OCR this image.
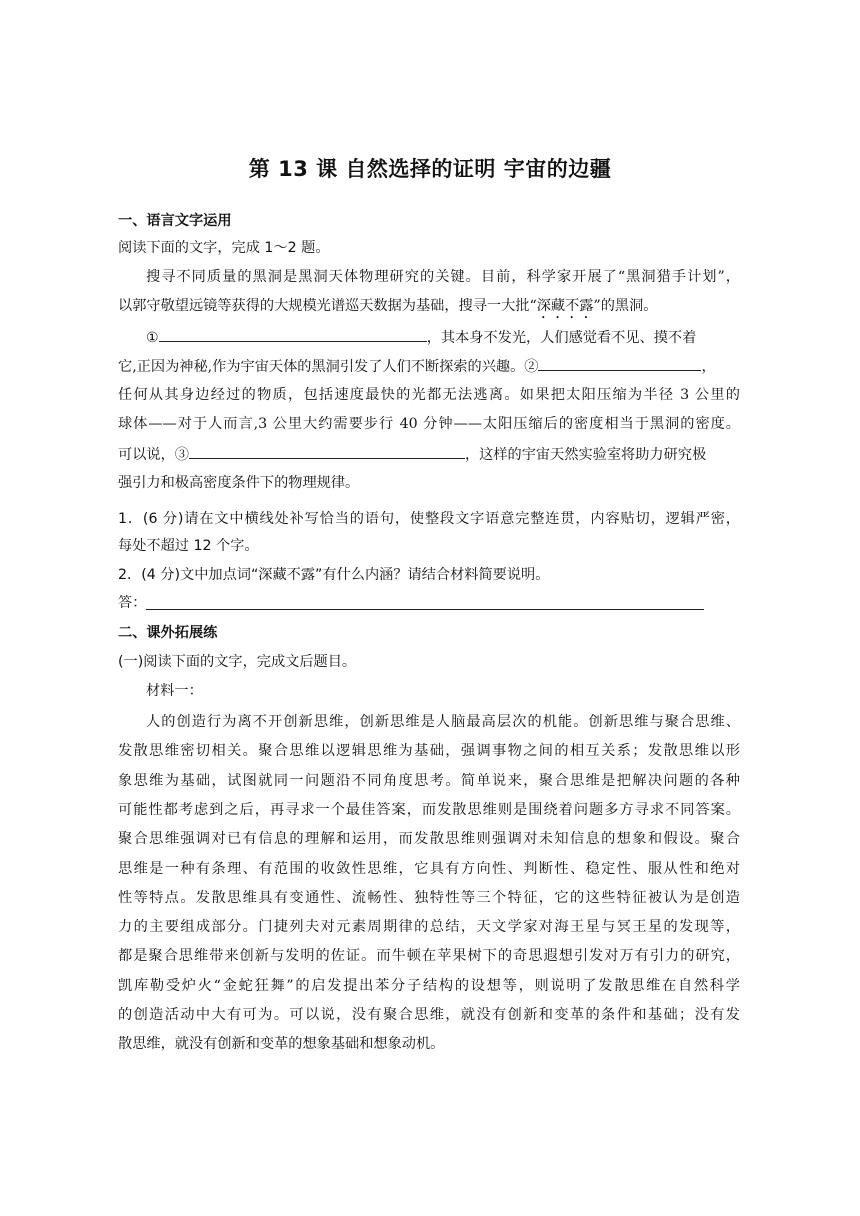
第 13 课 自然选择的证明 宇宙的边疆
一、语言文字运用
阅读下面的文字，完成 1～2 题。
搜寻不同质量的黑洞是黑洞天体物理研究的关键。目前，科学家开展了“黑洞猎手计划”，
以郭守敬望远镜等获得的大规模光谱巡天数据为基础，搜寻一大批“深藏不露”的黑洞。
①	，其本身不发光，人们感觉看不见、摸不着
它,正因为神秘,作为宇宙天体的黑洞引发了人们不断探索的兴趣。②	，
任何从其身边经过的物质，包括速度最快的光都无法逃离。如果把太阳压缩为半径 3 公里的
球体——对于人而言,3 公里大约需要步行 40 分钟——太阳压缩后的密度相当于黑洞的密度。
可以说，③	，这样的宇宙天然实验室将助力研究极
强引力和极高密度条件下的物理规律。
1．(6 分)请在文中横线处补写恰当的语句，使整段文字语意完整连贯，内容贴切，逻辑严密，
每处不超过 12 个字。
2．(4 分)文中加点词“深藏不露”有什么内涵？请结合材料简要说明。
答：
二、课外拓展练
(一)阅读下面的文字，完成文后题目。
材料一：
人的创造行为离不开创新思维，创新思维是人脑最高层次的机能。创新思维与聚合思维、
发散思维密切相关。聚合思维以逻辑思维为基础，强调事物之间的相互关系；发散思维以形
象思维为基础，试图就同一问题沿不同角度思考。简单说来，聚合思维是把解决问题的各种
可能性都考虑到之后，再寻求一个最佳答案，而发散思维则是围绕着问题多方寻求不同答案。
聚合思维强调对已有信息的理解和运用，而发散思维则强调对未知信息的想象和假设。聚合
思维是一种有条理、有范围的收敛性思维，它具有方向性、判断性、稳定性、服从性和绝对
性等特点。发散思维具有变通性、流畅性、独特性等三个特征，它的这些特征被认为是创造
力的主要组成部分。门捷列夫对元素周期律的总结，天文学家对海王星与冥王星的发现等，
都是聚合思维带来创新与发明的佐证。而牛顿在苹果树下的奇思遐想引发对万有引力的研究，
凯库勒受炉火“金蛇狂舞”的启发提出苯分子结构的设想等，则说明了发散思维在自然科学
的创造活动中大有可为。可以说，没有聚合思维，就没有创新和变革的条件和基础；没有发
散思维，就没有创新和变革的想象基础和想象动机。
